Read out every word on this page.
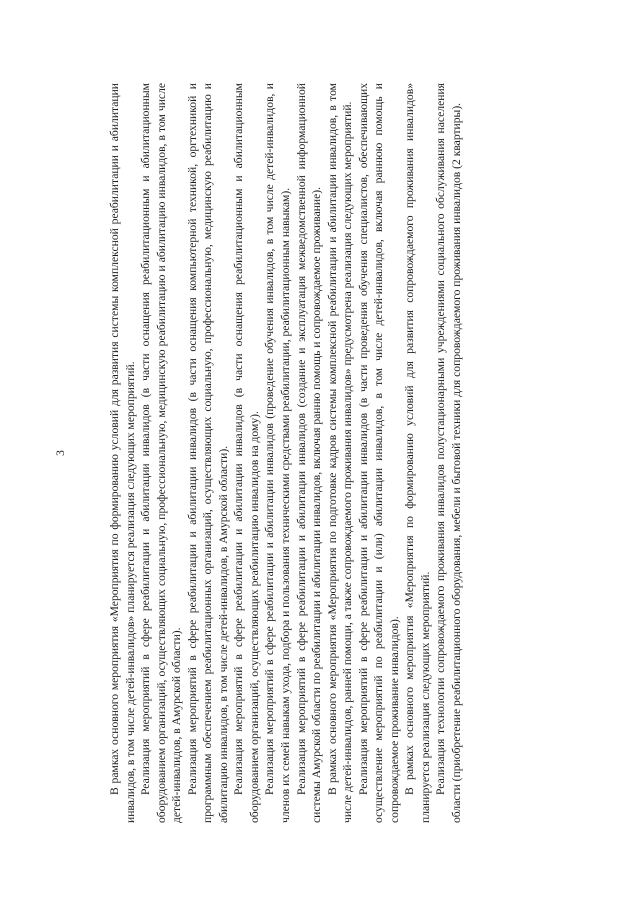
3	В рамках основного мероприятия «Мероприятия по формированию условий для развития системы комплексной реабилитации и абилитации инвалидов, в том числе детей-инвалидов» планируется реализация следующих мероприятий. Реализация мероприятий в сфере реабилитации и абилитации инвалидов (в части оснащения реабилитационным и абилитационным оборудованием организаций, осуществляющих социальную, профессиональную, медицинскую реабилитацию и абилитацию инвалидов, в том числе детей-инвалидов, в Амурской области). Реализация мероприятий в сфере реабилитации и абилитации инвалидов (в части оснащения компьютерной техникой, оргтехникой и программным обеспечением реабилитационных организаций, осуществляющих социальную, профессиональную, медицинскую реабилитацию и абилитацию инвалидов, в том числе детей-инвалидов, в Амурской области). Реализация мероприятий в сфере реабилитации и абилитации инвалидов (в части оснащения реабилитационным и абилитационным оборудованием организаций, осуществляющих реабилитацию инвалидов на дому). Реализация мероприятий в сфере реабилитации и абилитации инвалидов (проведение обучения инвалидов, в том числе детей-инвалидов, и членов их семей навыкам ухода, подбора и пользования техническими средствами реабилитации, реабилитационным навыкам). Реализация мероприятий в сфере реабилитации и абилитации инвалидов (создание и эксплуатация межведомственной информационной системы Амурской области по реабилитации и абилитации инвалидов, включая ранню помощь и сопровождаемое проживание). В рамках основного мероприятия «Мероприятия по подготовке кадров системы комплексной реабилитации и абилитации инвалидов, в том числе детей-инвалидов, ранней помощи, а также сопровождаемого проживания инвалидов» предусмотрена реализация следующих мероприятий. Реализация мероприятий в сфере реабилитации и абилитации инвалидов (в части проведения обучения специалистов, обеспечивающих осуществление мероприятий по реабилитации и (или) абилитации инвалидов, в том числе детей-инвалидов, включая раннюю помощь и сопровождаемое проживание инвалидов). В рамках основного мероприятия «Мероприятия по формированию условий для развития сопровождаемого проживания инвалидов» планируется реализация следующих мероприятий. Реализация технологии сопровождаемого проживания инвалидов полустационарными учреждениями социального обслуживания населения области (приобретение реабилитационного оборудования, мебели и бытовой техники для сопровождаемого проживания инвалидов (2 квартиры).
